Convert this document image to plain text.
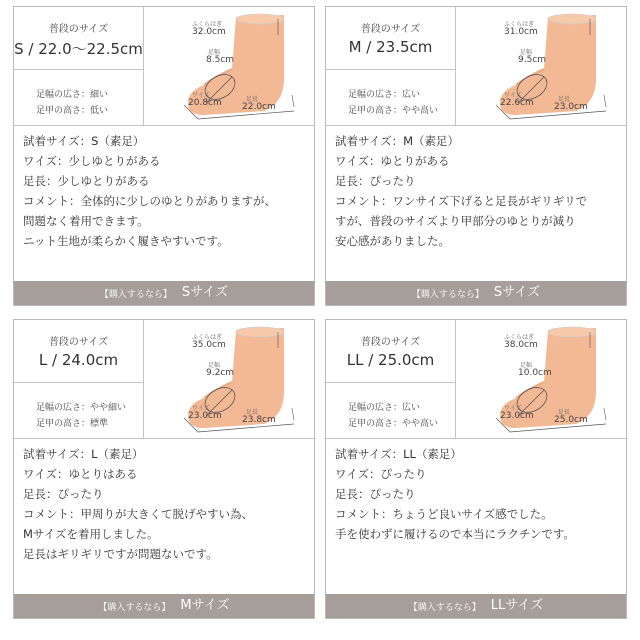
普段のサイズ
S / 22.0〜22.5cm
足幅の広さ：細い
足甲の高さ：低い
ふくらはぎ
32.0cm
足幅
8.5cm
ワイズ
20.8cm	足長
22.0cm
試着サイズ：S（素足）
ワイズ：少しゆとりがある
足長：少しゆとりがある
コメント：全体的に少しのゆとりがありますが、
問題なく着用できます。
ニット生地が柔らかく履きやすいです。
【購入するなら】 Sサイズ
普段のサイズ
M / 23.5cm
足幅の広さ：広い
足甲の高さ：やや高い
ふくらはぎ
31.0cm
足幅
9.5cm
ワイズ
22.6cm	足長
23.0cm
試着サイズ：M（素足）
ワイズ：ゆとりがある
足長：ぴったり
コメント：ワンサイズ下げると足長がギリギリで
すが、普段のサイズより甲部分のゆとりが減り
安心感がありました。
【購入するなら】 Sサイズ
普段のサイズ
L / 24.0cm
足幅の広さ：やや細い
足甲の高さ：標準
ふくらはぎ
35.0cm
足幅
9.2cm
ワイズ
23.0cm	足長
23.8cm
試着サイズ：L（素足）
ワイズ：ゆとりはある
足長：ぴったり
コメント：甲周りが大きくて脱げやすい為、
Mサイズを着用しました。
足長はギリギリですが問題ないです。
【購入するなら】 Mサイズ
普段のサイズ
LL / 25.0cm
足幅の広さ：広い
足甲の高さ：やや高い
ふくらはぎ
38.0cm
足幅
10.0cm
ワイズ
23.0cm	足長
25.0cm
試着サイズ：LL（素足）
ワイズ：ぴったり
足長：ぴったり
コメント：ちょうど良いサイズ感でした。
手を使わずに履けるので本当にラクチンです。
【購入するなら】 LLサイズ
